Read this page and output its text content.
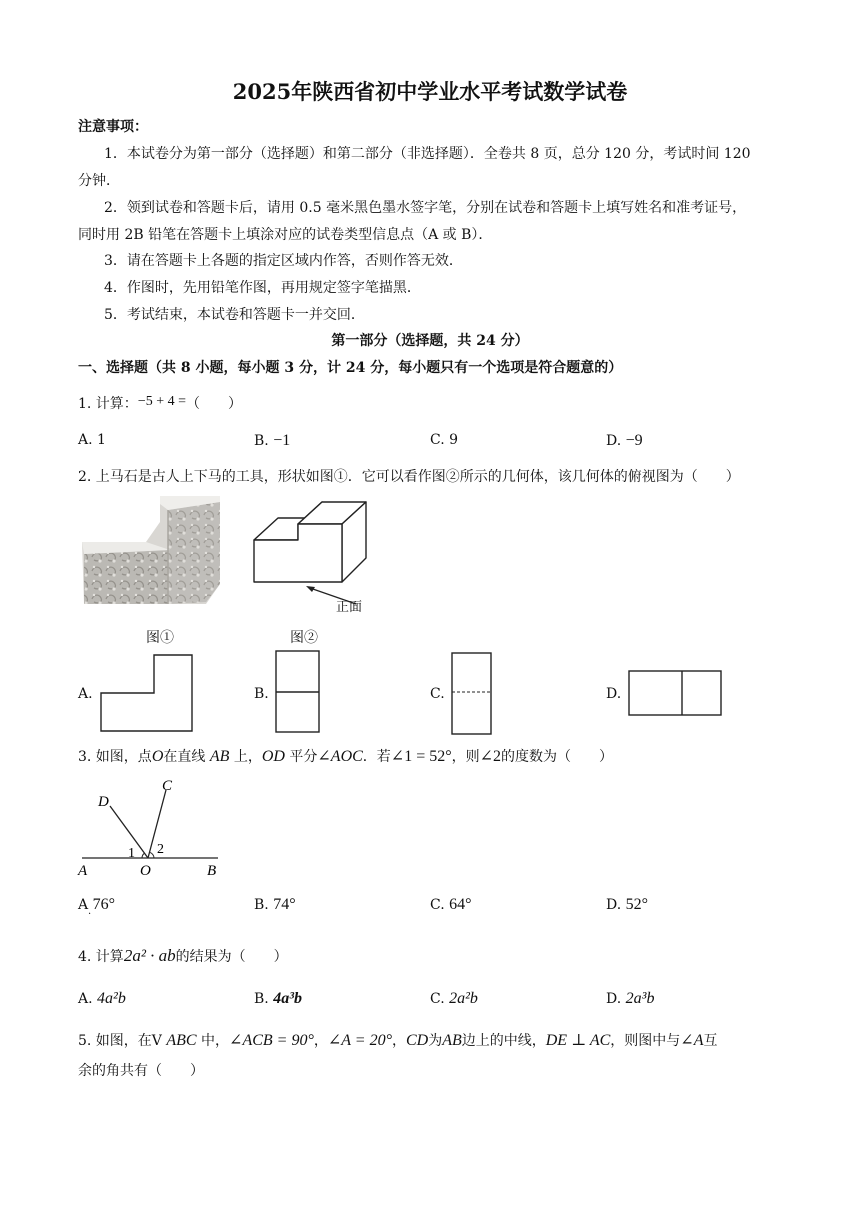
2025年陕西省初中学业水平考试数学试卷
注意事项：
1．本试卷分为第一部分（选择题）和第二部分（非选择题）．全卷共 8 页，总分 120 分，考试时间 120
分钟．
2．领到试卷和答题卡后，请用 0.5 毫米黑色墨水签字笔，分别在试卷和答题卡上填写姓名和准考证号，
同时用 2B 铅笔在答题卡上填涂对应的试卷类型信息点（A 或 B）．
3．请在答题卡上各题的指定区域内作答，否则作答无效．
4．作图时，先用铅笔作图，再用规定签字笔描黑．
5．考试结束，本试卷和答题卡一并交回．
第一部分（选择题，共 24 分）
一、选择题（共 8 小题，每小题 3 分，计 24 分，每小题只有一个选项是符合题意的）
1. 计算：−5 + 4 =（　　）
A. 1	B. −1	C. 9	D. −9
2. 上马石是古人上下马的工具，形状如图①．它可以看作图②所示的几何体，该几何体的俯视图为（　　）
正面
图①	图②
A.	B.	C.	D.
3. 如图，点O在直线 AB 上，OD 平分∠AOC．若∠1 = 52°，则∠2的度数为（　　）
D
C
A	O	B
1 2
A 76°
.	B. 74°	C. 64°	D. 52°
4. 计算2a² · ab的结果为（　　）
A. 4a²b	B. 4a³b	C. 2a²b	D. 2a³b
5. 如图，在V ABC 中，∠ACB = 90°，∠A = 20°，CD为AB边上的中线，DE ⊥ AC，则图中与∠A互
余的角共有（　　）
